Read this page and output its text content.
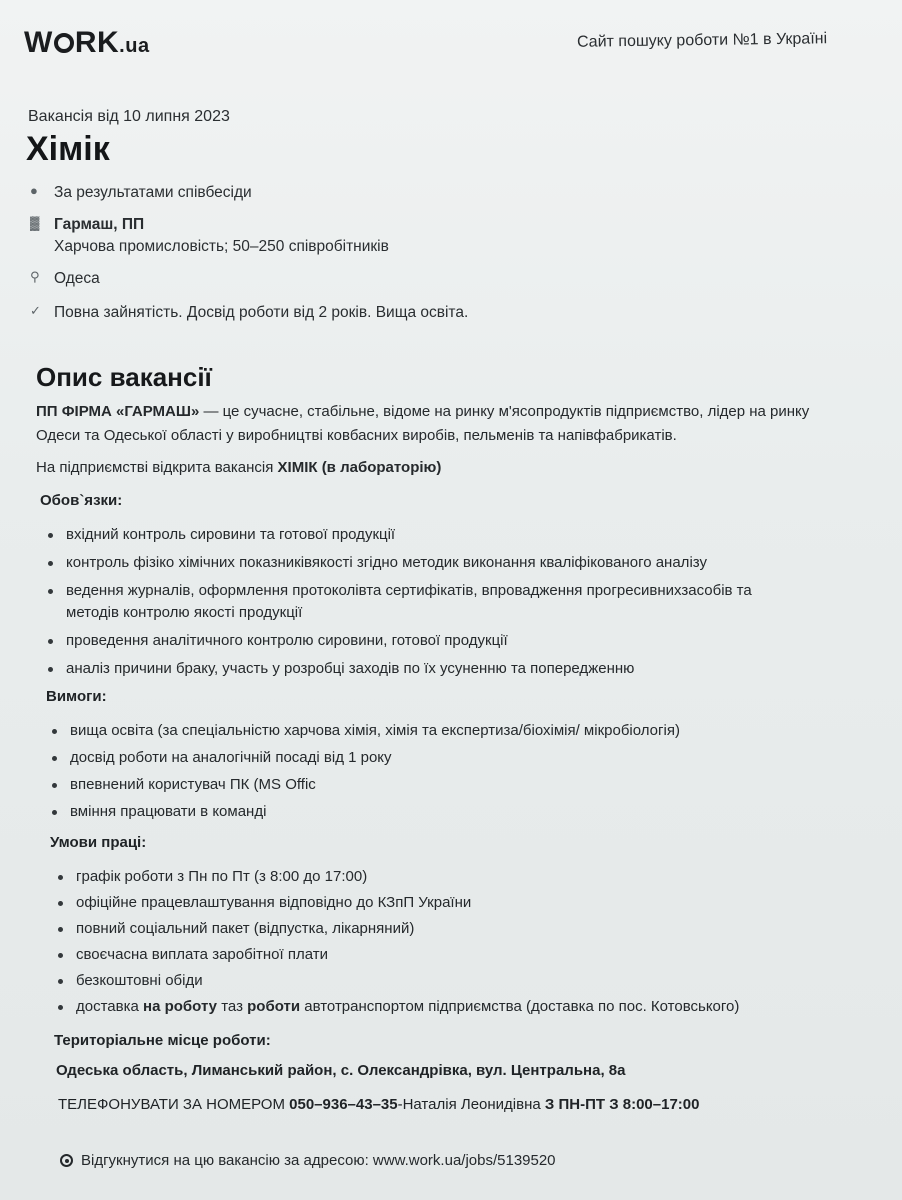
W RK.ua	Сайт пошуку роботи №1 в Україні
Вакансія від 10 липня 2023
Хімік
●	За результатами співбесіди
▓ Гармаш, ПП
Харчова промисловість; 50–250 співробітників
⚲ Одеса
✓ Повна зайнятість. Досвід роботи від 2 років. Вища освіта.
Опис вакансії
ПП ФІРМА «ГАРМАШ» — це сучасне, стабільне, відоме на ринку м'ясопродуктів підприємство, лідер на ринку Одеси та Одеської області у виробництві ковбасних виробів, пельменів та напівфабрикатів.
На підприємстві відкрита вакансія ХІМІК (в лабораторію)
Обов`язки:
вхідний контроль сировини та готової продукції
контроль фізіко хімічних показниківякості згідно методик виконання кваліфікованого аналізу
ведення журналів, оформлення протоколівта сертифікатів, впровадження прогресивнихзасобів та методів контролю якості продукції
проведення аналітичного контролю сировини, готової продукції
аналіз причини браку, участь у розробці заходів по їх усуненню та попередженню
Вимоги:
вища освіта (за спеціальністю харчова хімія, хімія та експертиза/біохімія/ мікробіологія)
досвід роботи на аналогічній посаді від 1 року
впевнений користувач ПК (MS Offic
вміння працювати в команді
Умови праці:
графік роботи з Пн по Пт (з 8:00 до 17:00)
офіційне працевлаштування відповідно до КЗпП України
повний соціальний пакет (відпустка, лікарняний)
своєчасна виплата заробітної плати
безкоштовні обіди
доставка на роботу таз роботи автотранспортом підприємства (доставка по пос. Котовського)
Територіальне місце роботи:
Одеська область, Лиманський район, с. Олександрівка, вул. Центральна, 8а
ТЕЛЕФОНУВАТИ ЗА НОМЕРОМ 050–936–43–35-Наталія Леонидівна З ПН-ПТ З 8:00–17:00
Відгукнутися на цю вакансію за адресою: www.work.ua/jobs/5139520
